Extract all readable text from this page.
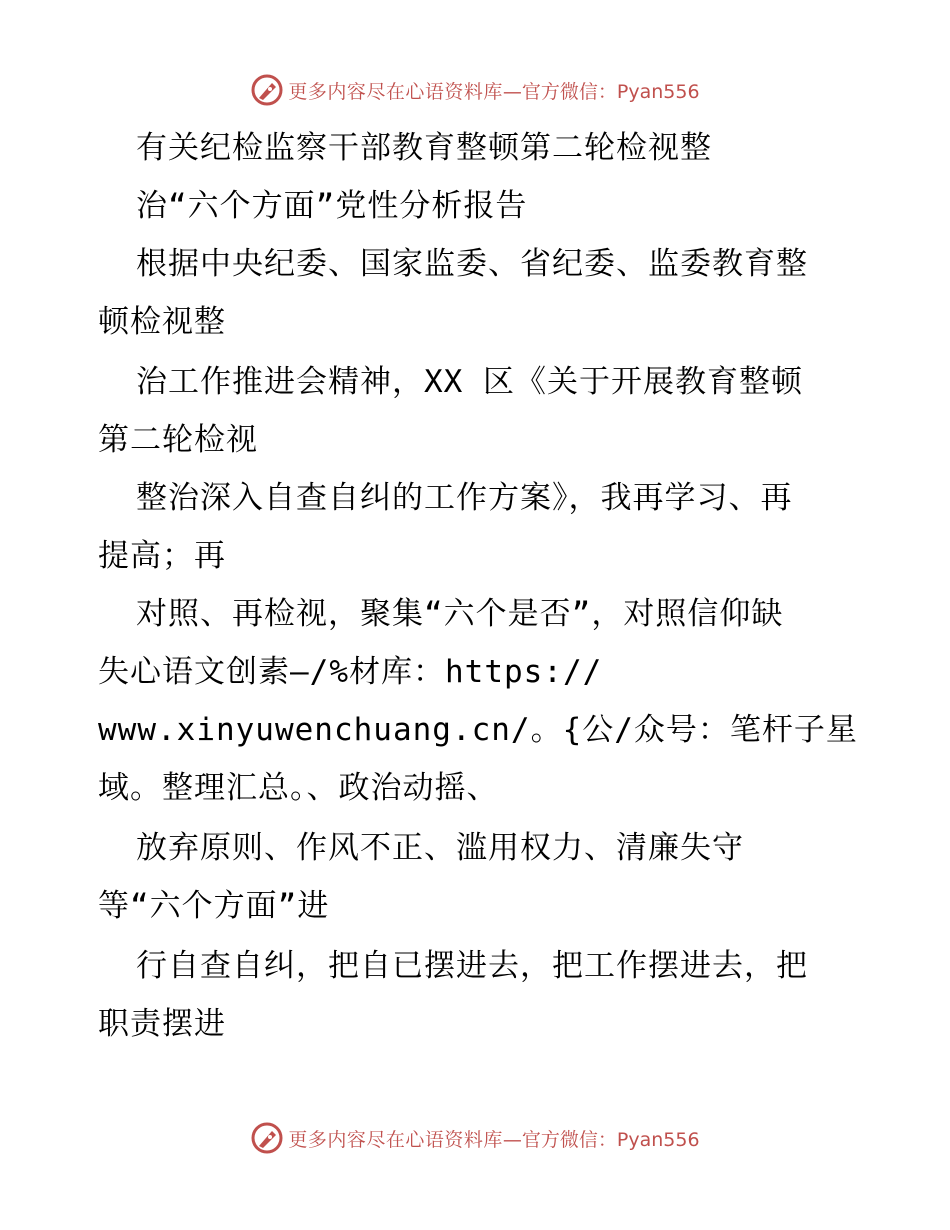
更多内容尽在心语资料库 —官方微信：Pyan556
有关纪检监察干部教育整顿第二轮检视整
治“六个方面”党性分析报告
根据中央纪委、国家监委、省纪委、监委教育整
顿检视整
治工作推进会精神，XX 区《关于开展教育整顿
第二轮检视
整治深入自查自纠的工作方案》，我再学习、再
提高；再
对照、再检视，聚集“六个是否”，对照信仰缺
失心语文创素—/%材库：https://
www.xinyuwenchuang.cn/。{公/众号：笔杆子星
域。整理汇总。、政治动摇、
放弃原则、作风不正、滥用权力、清廉失守
等“六个方面”进
行自查自纠，把自已摆进去，把工作摆进去，把
职责摆进
更多内容尽在心语资料库 —官方微信：Pyan556
